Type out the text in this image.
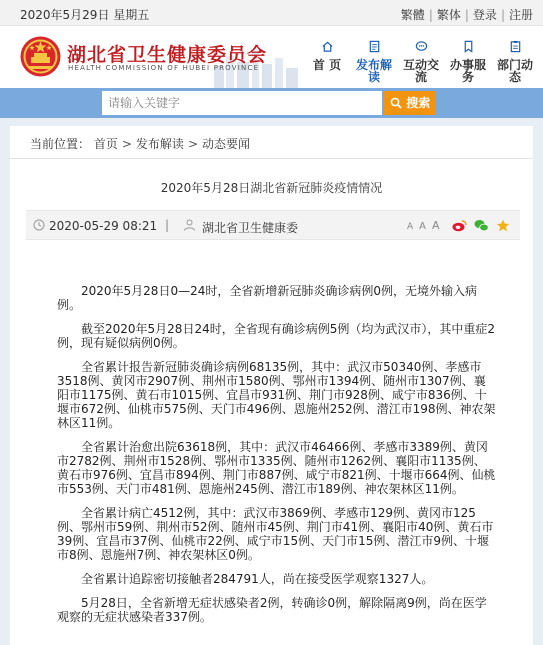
2020年5月29日 星期五	繁體 | 繁体 | 登录 | 注册
湖北省卫生健康委员会
HEALTH COMMISSION OF HUBEI PROVINCE	首 页	发布解读
互动交流
办事服务
部门动态
请输入关键字	搜索
当前位置： 首页 > 发布解读 > 动态要闻
2020年5月28日湖北省新冠肺炎疫情情况
2020-05-29 08:21 |	湖北省卫生健康委	A A A

2020年5月28日0—24时，全省新增新冠肺炎确诊病例0例，无境外输入病例。

截至2020年5月28日24时，全省现有确诊病例5例（均为武汉市），其中重症2例，现有疑似病例0例。

全省累计报告新冠肺炎确诊病例68135例，其中：武汉市50340例、孝感市3518例、黄冈市2907例、荆州市1580例、鄂州市1394例、随州市1307例、襄阳市1175例、黄石市1015例、宜昌市931例、荆门市928例、咸宁市836例、十堰市672例、仙桃市575例、天门市496例、恩施州252例、潜江市198例、神农架林区11例。

全省累计治愈出院63618例，其中：武汉市46466例、孝感市3389例、黄冈市2782例、荆州市1528例、鄂州市1335例、随州市1262例、襄阳市1135例、黄石市976例、宜昌市894例、荆门市887例、咸宁市821例、十堰市664例、仙桃市553例、天门市481例、恩施州245例、潜江市189例、神农架林区11例。

全省累计病亡4512例，其中：武汉市3869例、孝感市129例、黄冈市125例、鄂州市59例、荆州市52例、随州市45例、荆门市41例、襄阳市40例、黄石市39例、宜昌市37例、仙桃市22例、咸宁市15例、天门市15例、潜江市9例、十堰市8例、恩施州7例、神农架林区0例。

全省累计追踪密切接触者284791人，尚在接受医学观察1327人。

5月28日，全省新增无症状感染者2例，转确诊0例，解除隔离9例，尚在医学观察的无症状感染者337例。
